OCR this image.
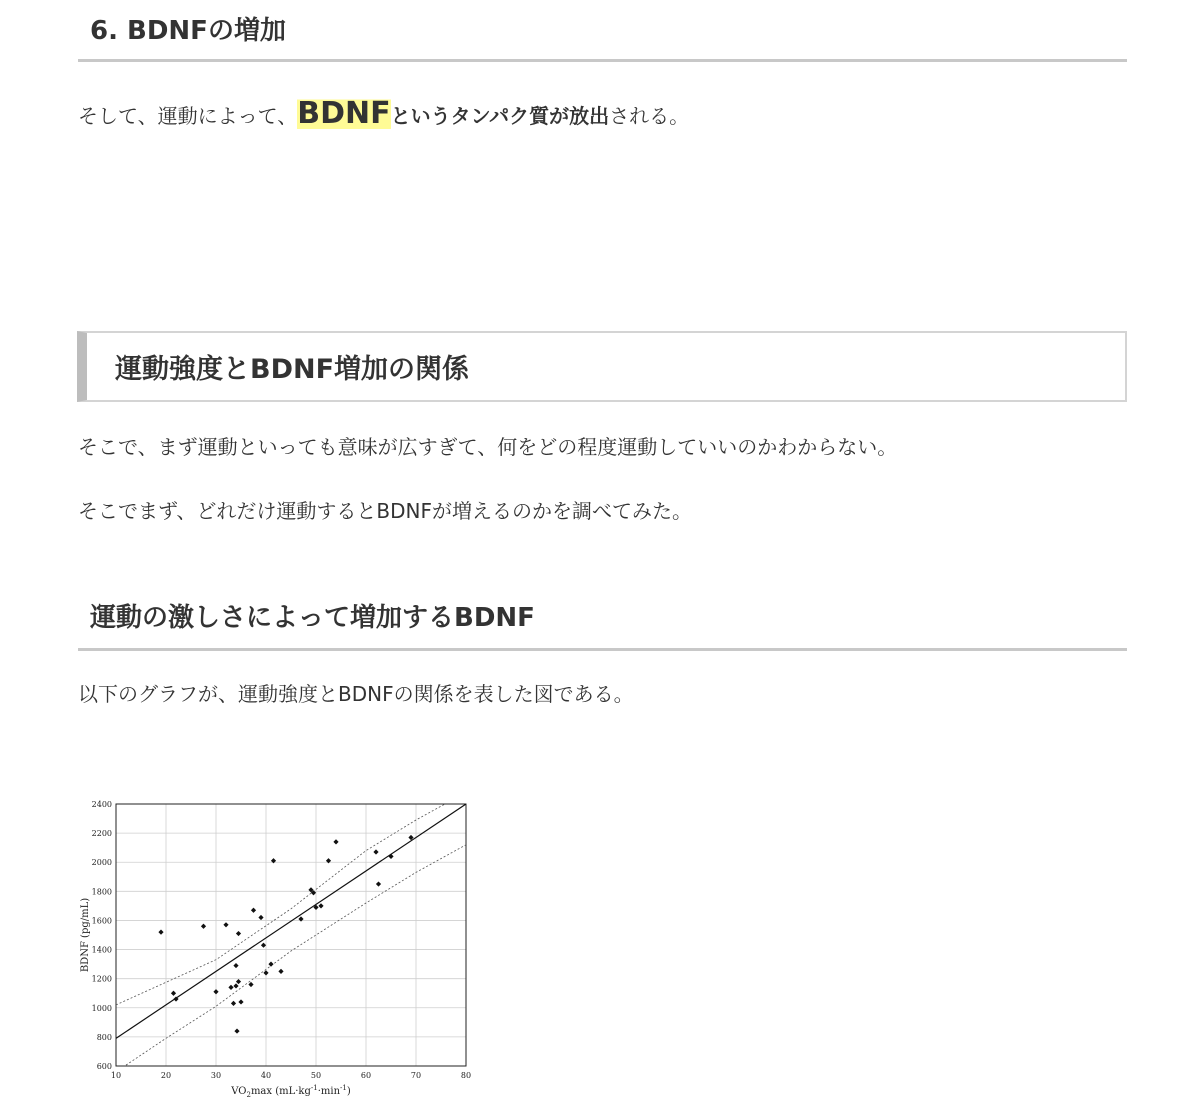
6. BDNFの増加

そして、運動によって、BDNFというタンパク質が放出される。

運動強度とBDNF増加の関係

そこで、まず運動といっても意味が広すぎて、何をどの程度運動していいのかわからない。

そこでまず、どれだけ運動するとBDNFが増えるのかを調べてみた。

運動の激しさによって増加するBDNF

以下のグラフが、運動強度とBDNFの関係を表した図である。

10	20	30	40	50	60	70	80
600
800
1000
1200
1400
1600
1800
2000
2200
2400
BDNF (pg/mL)
$VO_2\max$ $(mL\cdot kg^{-1}\cdot\min^{-1})$
